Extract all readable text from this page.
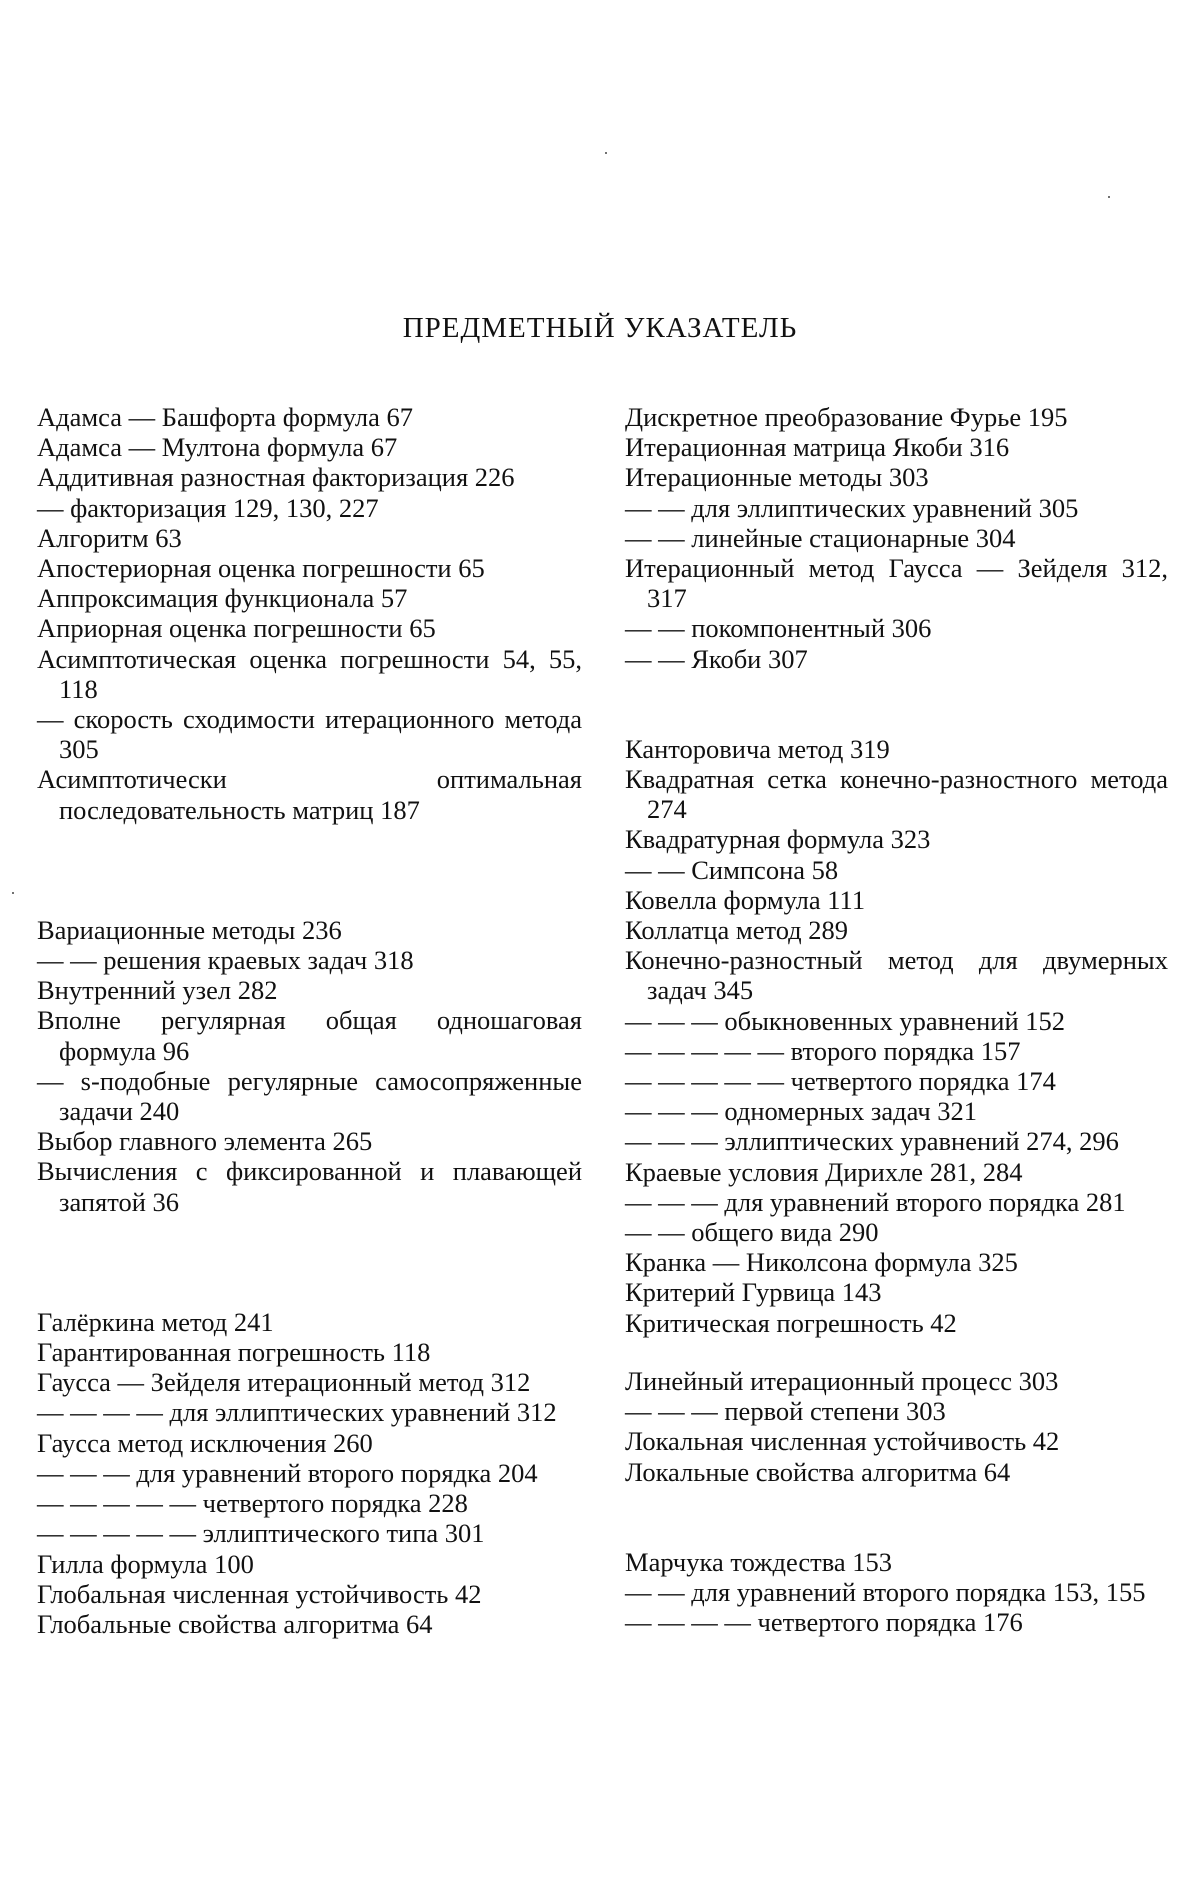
ПРЕДМЕТНЫЙ УКАЗАТЕЛЬ
Адамса — Башфорта формула 67
Адамса — Мултона формула 67
Аддитивная разностная факторизация 226
— факторизация 129, 130, 227
Алгоритм 63
Апостериорная оценка погрешности 65
Аппроксимация функционала 57
Априорная оценка погрешности 65
Асимптотическая оценка погрешности 54, 55, 118
— скорость сходимости итерационного метода 305
Асимптотически оптимальная последовательность матриц 187
Вариационные методы 236
— — решения краевых задач 318
Внутренний узел 282
Вполне регулярная общая одношаговая формула 96
— s-подобные регулярные самосопряженные задачи 240
Выбор главного элемента 265
Вычисления с фиксированной и плавающей запятой 36
Галёркина метод 241
Гарантированная погрешность 118
Гаусса — Зейделя итерационный метод 312
— — — — для эллиптических уравнений 312
Гаусса метод исключения 260
— — — для уравнений второго порядка 204
— — — — — четвертого порядка 228
— — — — — эллиптического типа 301
Гилла формула 100
Глобальная численная устойчивость 42
Глобальные свойства алгоритма 64
Дискретное преобразование Фурье 195
Итерационная матрица Якоби 316
Итерационные методы 303
— — для эллиптических уравнений 305
— — линейные стационарные 304
Итерационный метод Гаусса — Зейделя 312, 317
— — покомпонентный 306
— — Якоби 307
Канторовича метод 319
Квадратная сетка конечно-разностного метода 274
Квадратурная формула 323
— — Симпсона 58
Ковелла формула 111
Коллатца метод 289
Конечно-разностный метод для двумерных задач 345
— — — обыкновенных уравнений 152
— — — — — второго порядка 157
— — — — — четвертого порядка 174
— — — одномерных задач 321
— — — эллиптических уравнений 274, 296
Краевые условия Дирихле 281, 284
— — — для уравнений второго порядка 281
— — общего вида 290
Кранка — Николсона формула 325
Критерий Гурвица 143
Критическая погрешность 42
Линейный итерационный процесс 303
— — — первой степени 303
Локальная численная устойчивость 42
Локальные свойства алгоритма 64
Марчука тождества 153
— — для уравнений второго порядка 153, 155
— — — — четвертого порядка 176
